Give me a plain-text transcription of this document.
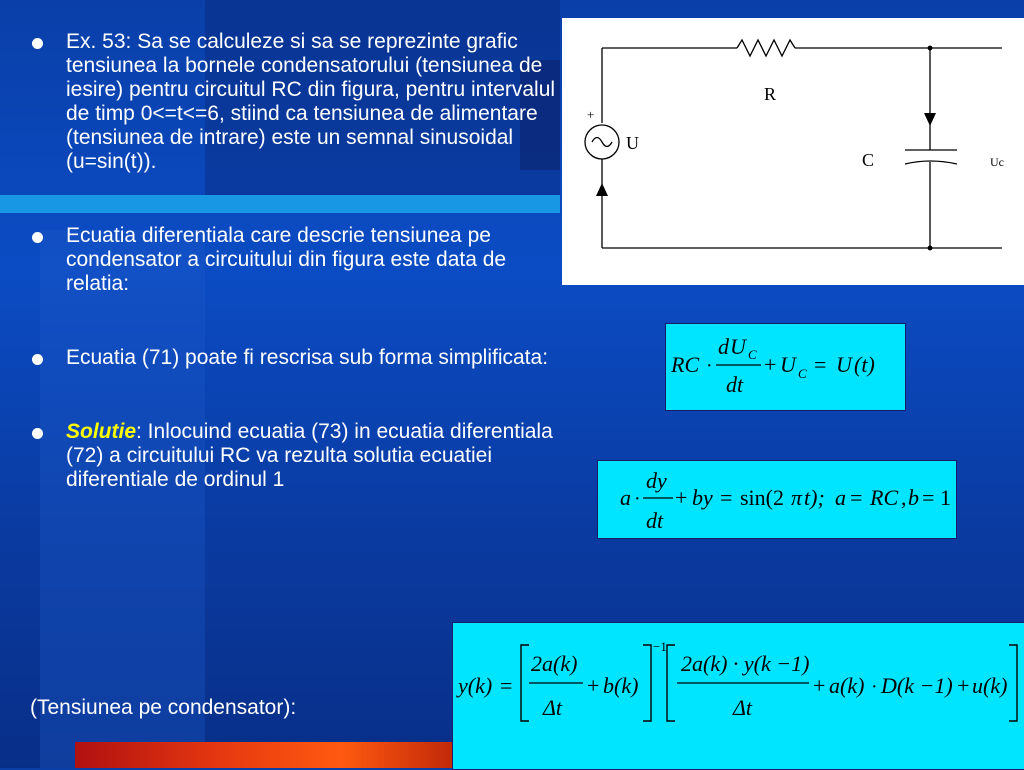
Ex. 53: Sa se calculeze si sa se reprezinte grafic tensiunea la bornele condensatorului (tensiunea de iesire) pentru circuitul RC din figura, pentru intervalul de timp 0<=t<=6, stiind ca tensiunea de alimentare (tensiunea de intrare) este un semnal sinusoidal (u=sin(t)).
Ecuatia diferentiala care descrie tensiunea pe condensator a circuitului din figura este data de relatia:
Ecuatia (71) poate fi rescrisa sub forma simplificata:
Solutie: Inlocuind ecuatia (73) in ecuatia diferentiala (72) a circuitului RC va rezulta solutia ecuatiei diferentiale de ordinul 1
(Tensiunea pe condensator):
+
U
R
C	Uc
RC ·
d U C
dt
+ U C = U (t)
a ·
dy
dt
+ by = sin(2 π t); a = RC , b = 1
y(k) =
2a(k)
Δt
+ b(k)
−1
2a(k) · y(k −1)
Δt
+ a(k) · D(k −1) + u(k)
